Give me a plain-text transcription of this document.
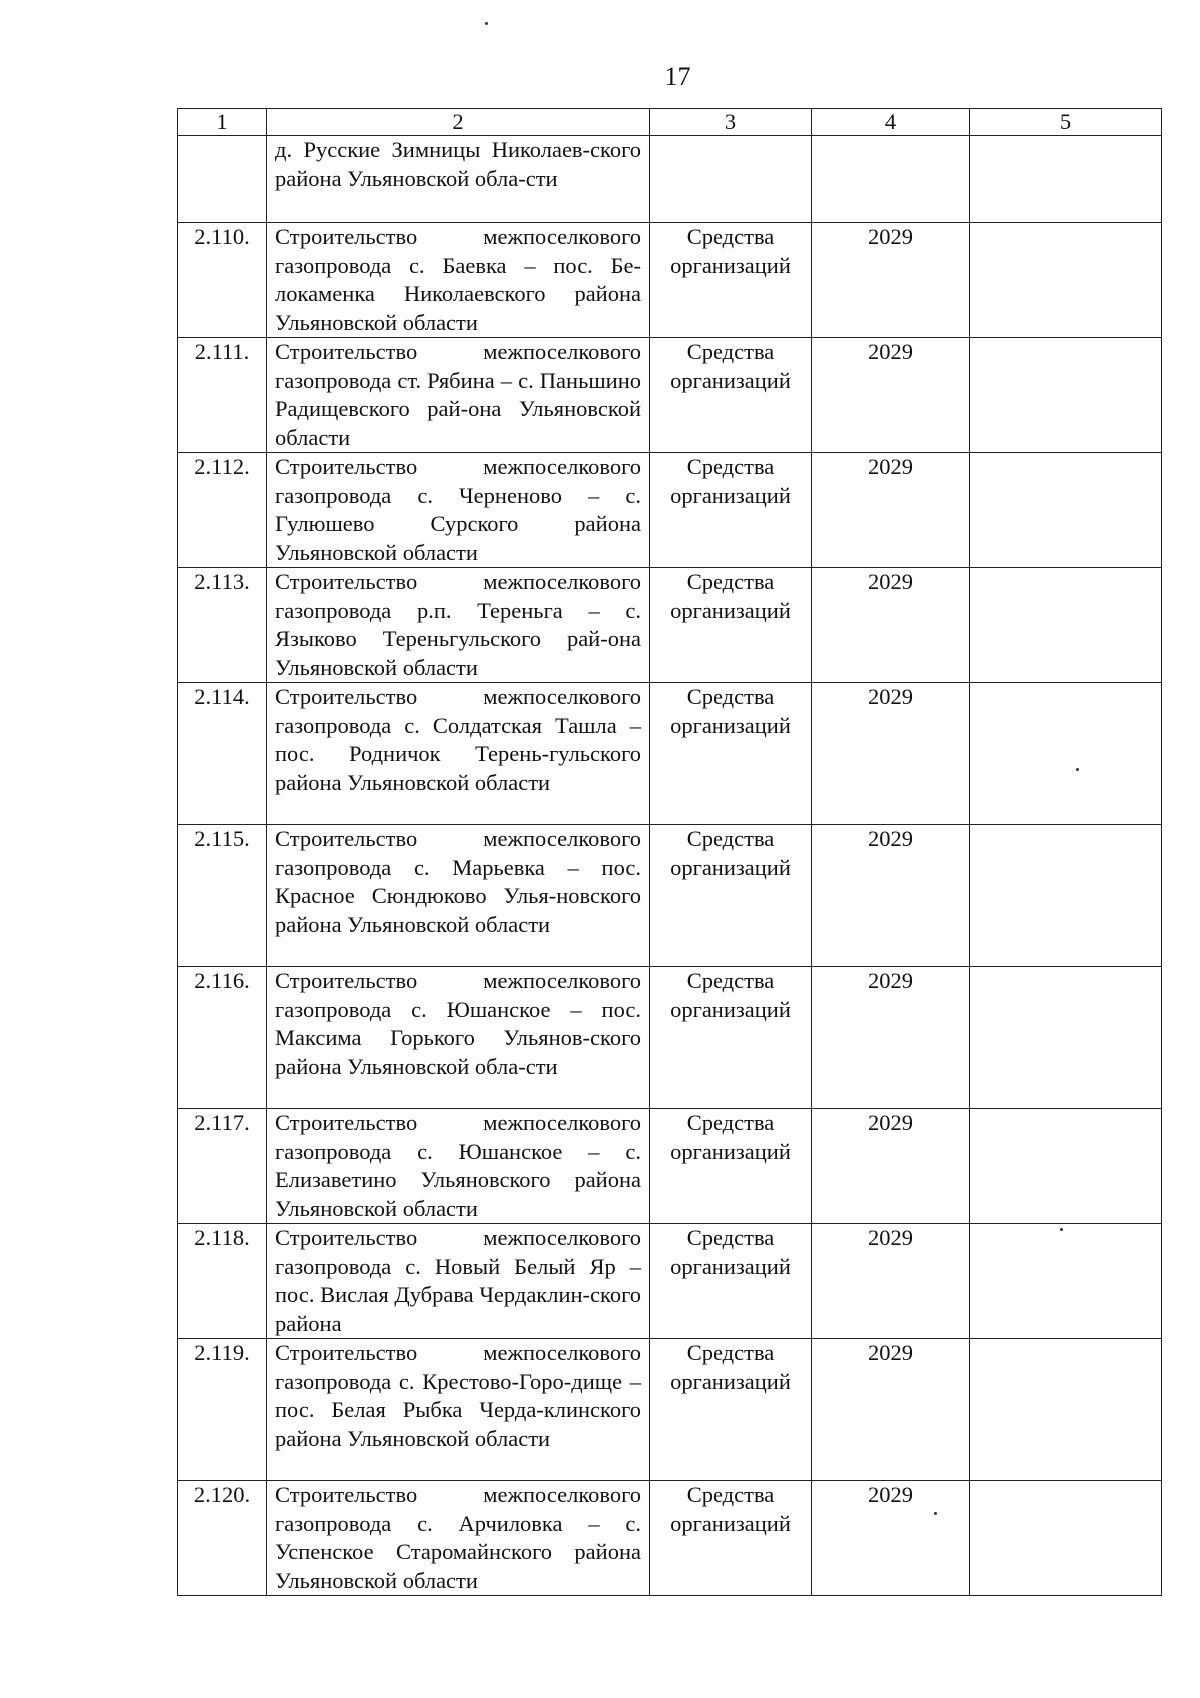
17
1	2	3	4	5
	д. Русские Зимницы Николаев-ского района Ульяновской обла-сти			
2.110.	Строительство межпоселкового газопровода с. Баевка – пос. Бе-локаменка Николаевского района Ульяновской области	Средства организаций	2029	
2.111.	Строительство межпоселкового газопровода ст. Рябина – с. Паньшино Радищевского рай-она Ульяновской области	Средства организаций	2029	
2.112.	Строительство межпоселкового газопровода с. Черненово – с. Гулюшево Сурского района Ульяновской области	Средства организаций	2029	
2.113.	Строительство межпоселкового газопровода р.п. Тереньга – с. Языково Тереньгульского рай-она Ульяновской области	Средства организаций	2029	
2.114.	Строительство межпоселкового газопровода с. Солдатская Ташла – пос. Родничок Терень-гульского района Ульяновской области	Средства организаций	2029	
2.115.	Строительство межпоселкового газопровода с. Марьевка – пос. Красное Сюндюково Улья-новского района Ульяновской области	Средства организаций	2029	
2.116.	Строительство межпоселкового газопровода с. Юшанское – пос. Максима Горького Ульянов-ского района Ульяновской обла-сти	Средства организаций	2029	
2.117.	Строительство межпоселкового газопровода с. Юшанское – с. Елизаветино Ульяновского района Ульяновской области	Средства организаций	2029	
2.118.	Строительство межпоселкового газопровода с. Новый Белый Яр – пос. Вислая Дубрава Чердаклин-ского района	Средства организаций	2029	
2.119.	Строительство межпоселкового газопровода с. Крестово-Горо-дище – пос. Белая Рыбка Черда-клинского района Ульяновской области	Средства организаций	2029	
2.120.	Строительство межпоселкового газопровода с. Арчиловка – с. Успенское Старомайнского района Ульяновской области	Средства организаций	2029	
